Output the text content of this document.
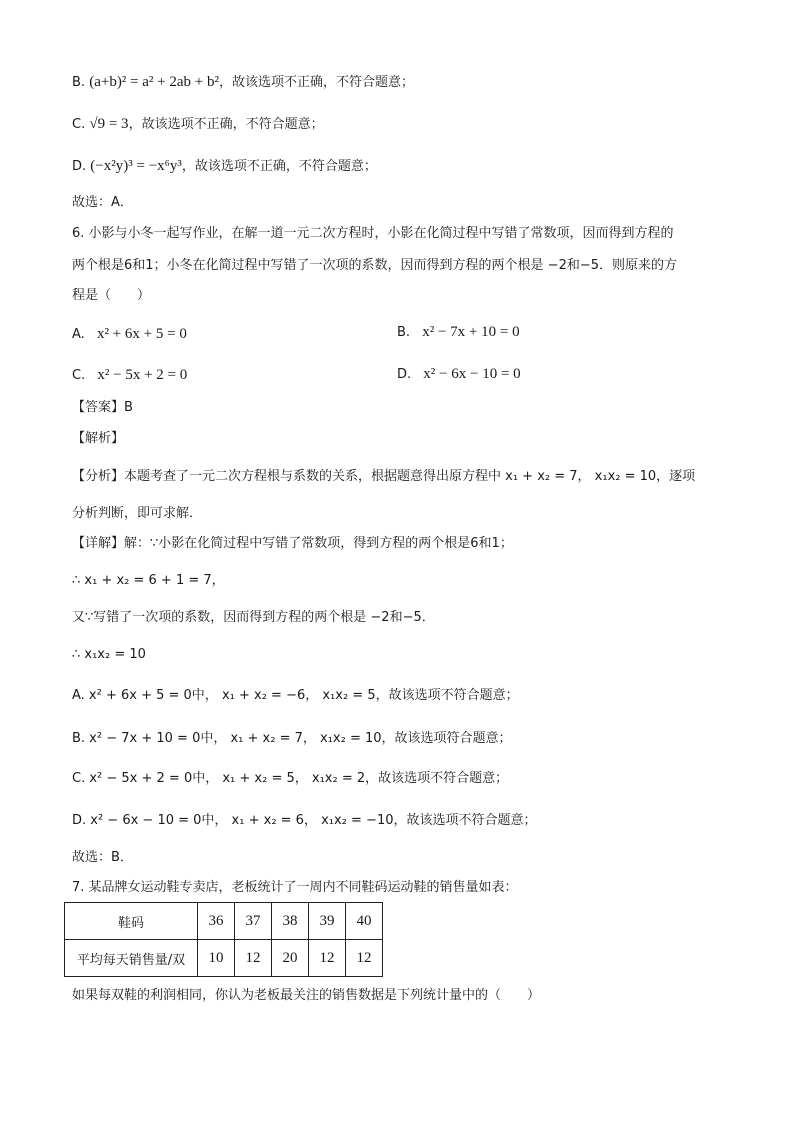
B. (a+b)² = a² + 2ab + b²，故该选项不正确，不符合题意；
C. √9 = 3，故该选项不正确，不符合题意；
D. (−x²y)³ = −x⁶y³，故该选项不正确，不符合题意；
故选：A．
6. 小影与小冬一起写作业，在解一道一元二次方程时，小影在化简过程中写错了常数项，因而得到方程的
两个根是6和1；小冬在化简过程中写错了一次项的系数，因而得到方程的两个根是 −2和−5．则原来的方
程是（　　）
A. x² + 6x + 5 = 0	B. x² − 7x + 10 = 0
C. x² − 5x + 2 = 0	D. x² − 6x − 10 = 0
【答案】B
【解析】
【分析】本题考查了一元二次方程根与系数的关系，根据题意得出原方程中 x₁ + x₂ = 7， x₁x₂ = 10，逐项
分析判断，即可求解．
【详解】解：∵小影在化简过程中写错了常数项，得到方程的两个根是6和1；
∴ x₁ + x₂ = 6 + 1 = 7，
又∵写错了一次项的系数，因而得到方程的两个根是 −2和−5．
∴ x₁x₂ = 10
A. x² + 6x + 5 = 0中， x₁ + x₂ = −6， x₁x₂ = 5，故该选项不符合题意；
B. x² − 7x + 10 = 0中， x₁ + x₂ = 7， x₁x₂ = 10，故该选项符合题意；
C. x² − 5x + 2 = 0中， x₁ + x₂ = 5， x₁x₂ = 2，故该选项不符合题意；
D. x² − 6x − 10 = 0中， x₁ + x₂ = 6， x₁x₂ = −10，故该选项不符合题意；
故选：B．
7. 某品牌女运动鞋专卖店，老板统计了一周内不同鞋码运动鞋的销售量如表：
鞋码	36	37	38	39	40
平均每天销售量/双	10	12	20	12	12
如果每双鞋的利润相同，你认为老板最关注的销售数据是下列统计量中的（　　）
